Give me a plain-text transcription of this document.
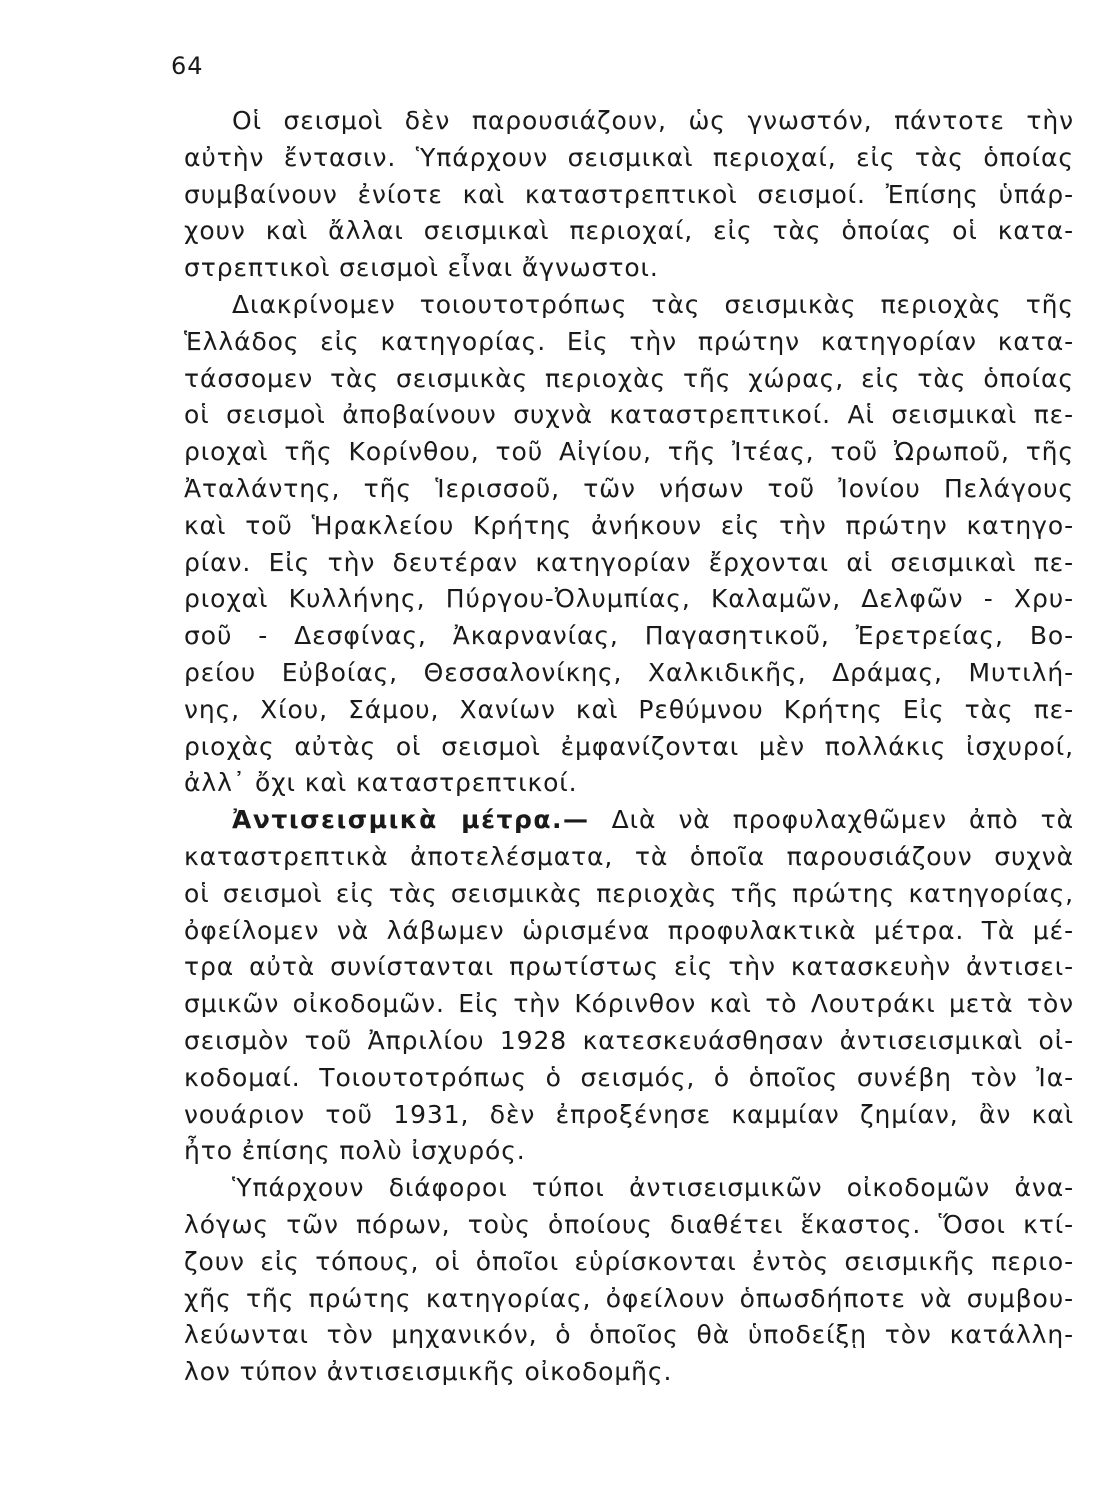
64
Οἱ σεισμοὶ δὲν παρουσιάζουν, ὡς γνωστόν, πάντοτε τὴν
αὐτὴν ἔντασιν. Ὑπάρχουν σεισμικαὶ περιοχαί, εἰς τὰς ὁποίας
συμβαίνουν ἐνίοτε καὶ καταστρεπτικοὶ σεισμοί. Ἐπίσης ὑπάρ-
χουν καὶ ἄλλαι σεισμικαὶ περιοχαί, εἰς τὰς ὁποίας οἱ κατα-
στρεπτικοὶ σεισμοὶ εἶναι ἄγνωστοι.
Διακρίνομεν τοιουτοτρόπως τὰς σεισμικὰς περιοχὰς τῆς
Ἑλλάδος εἰς κατηγορίας. Εἰς τὴν πρώτην κατηγορίαν κατα-
τάσσομεν τὰς σεισμικὰς περιοχὰς τῆς χώρας, εἰς τὰς ὁποίας
οἱ σεισμοὶ ἀποβαίνουν συχνὰ καταστρεπτικοί. Αἱ σεισμικαὶ πε-
ριοχαὶ τῆς Κορίνθου, τοῦ Αἰγίου, τῆς Ἰτέας, τοῦ Ὠρωποῦ, τῆς
Ἀταλάντης, τῆς Ἱερισσοῦ, τῶν νήσων τοῦ Ἰονίου Πελάγους
καὶ τοῦ Ἡρακλείου Κρήτης ἀνήκουν εἰς τὴν πρώτην κατηγο-
ρίαν. Εἰς τὴν δευτέραν κατηγορίαν ἔρχονται αἱ σεισμικαὶ πε-
ριοχαὶ Κυλλήνης, Πύργου-Ὀλυμπίας, Καλαμῶν, Δελφῶν - Χρυ-
σοῦ - Δεσφίνας, Ἀκαρνανίας, Παγασητικοῦ, Ἐρετρείας, Βο-
ρείου Εὐβοίας, Θεσσαλονίκης, Χαλκιδικῆς, Δράμας, Μυτιλή-
νης, Χίου, Σάμου, Χανίων καὶ Ρεθύμνου Κρήτης Εἰς τὰς πε-
ριοχὰς αὐτὰς οἱ σεισμοὶ ἐμφανίζονται μὲν πολλάκις ἰσχυροί,
ἀλλ᾽ ὄχι καὶ καταστρεπτικοί.
Ἀντισεισμικὰ μέτρα.— Διὰ νὰ προφυλαχθῶμεν ἀπὸ τὰ
καταστρεπτικὰ ἀποτελέσματα, τὰ ὁποῖα παρουσιάζουν συχνὰ
οἱ σεισμοὶ εἰς τὰς σεισμικὰς περιοχὰς τῆς πρώτης κατηγορίας,
ὀφείλομεν νὰ λάβωμεν ὡρισμένα προφυλακτικὰ μέτρα. Τὰ μέ-
τρα αὐτὰ συνίστανται πρωτίστως εἰς τὴν κατασκευὴν ἀντισει-
σμικῶν οἰκοδομῶν. Εἰς τὴν Κόρινθον καὶ τὸ Λουτράκι μετὰ τὸν
σεισμὸν τοῦ Ἀπριλίου 1928 κατεσκευάσθησαν ἀντισεισμικαὶ οἰ-
κοδομαί. Τοιουτοτρόπως ὁ σεισμός, ὁ ὁποῖος συνέβη τὸν Ἰα-
νουάριον τοῦ 1931, δὲν ἐπροξένησε καμμίαν ζημίαν, ἂν καὶ
ἦτο ἐπίσης πολὺ ἰσχυρός.
Ὑπάρχουν διάφοροι τύποι ἀντισεισμικῶν οἰκοδομῶν ἀνα-
λόγως τῶν πόρων, τοὺς ὁποίους διαθέτει ἕκαστος. Ὅσοι κτί-
ζουν εἰς τόπους, οἱ ὁποῖοι εὑρίσκονται ἐντὸς σεισμικῆς περιο-
χῆς τῆς πρώτης κατηγορίας, ὀφείλουν ὁπωσδήποτε νὰ συμβου-
λεύωνται τὸν μηχανικόν, ὁ ὁποῖος θὰ ὑποδείξῃ τὸν κατάλλη-
λον τύπον ἀντισεισμικῆς οἰκοδομῆς.
